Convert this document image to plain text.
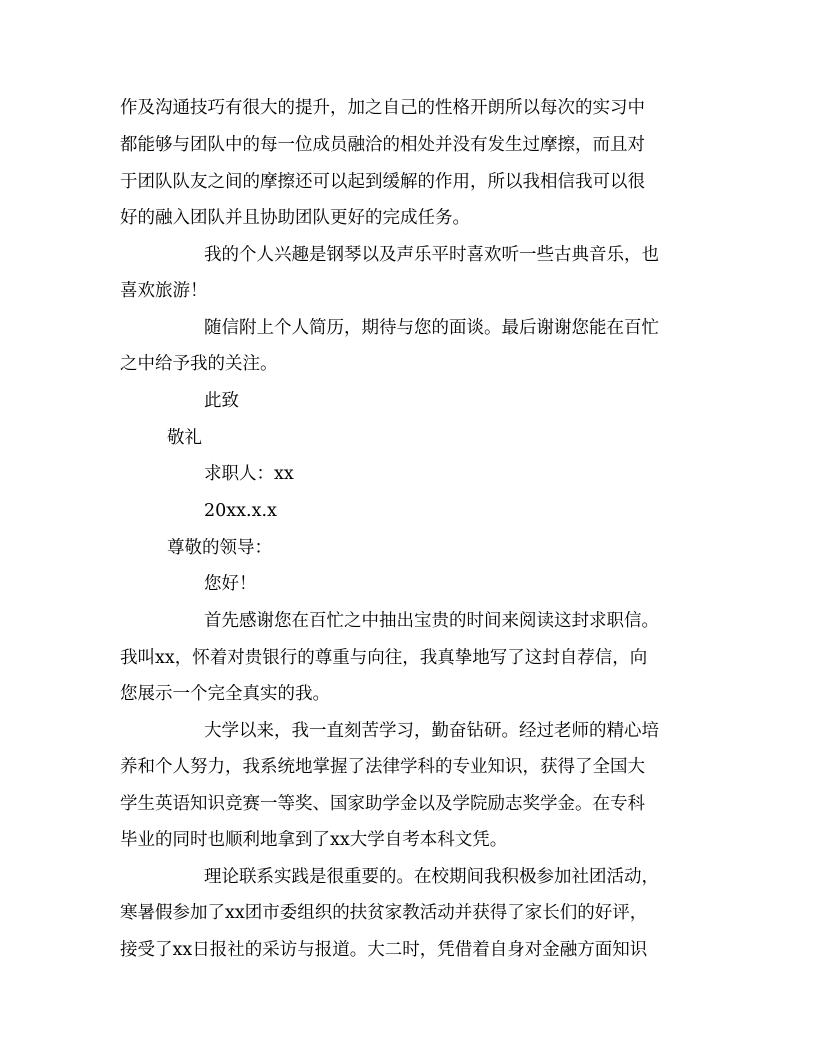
作及沟通技巧有很大的提升，加之自己的性格开朗所以每次的实习中
都能够与团队中的每一位成员融洽的相处并没有发生过摩擦，而且对
于团队队友之间的摩擦还可以起到缓解的作用，所以我相信我可以很
好的融入团队并且协助团队更好的完成任务。
我的个人兴趣是钢琴以及声乐平时喜欢听一些古典音乐，也
喜欢旅游！
随信附上个人简历，期待与您的面谈。最后谢谢您能在百忙
之中给予我的关注。
此致
敬礼
求职人：xx
20xx.x.x
尊敬的领导：
您好！
首先感谢您在百忙之中抽出宝贵的时间来阅读这封求职信。
我叫xx，怀着对贵银行的尊重与向往，我真挚地写了这封自荐信，向
您展示一个完全真实的我。
大学以来，我一直刻苦学习，勤奋钻研。经过老师的精心培
养和个人努力，我系统地掌握了法律学科的专业知识，获得了全国大
学生英语知识竞赛一等奖、国家助学金以及学院励志奖学金。在专科
毕业的同时也顺利地拿到了xx大学自考本科文凭。
理论联系实践是很重要的。在校期间我积极参加社团活动，
寒暑假参加了xx团市委组织的扶贫家教活动并获得了家长们的好评，
接受了xx日报社的采访与报道。大二时，凭借着自身对金融方面知识
